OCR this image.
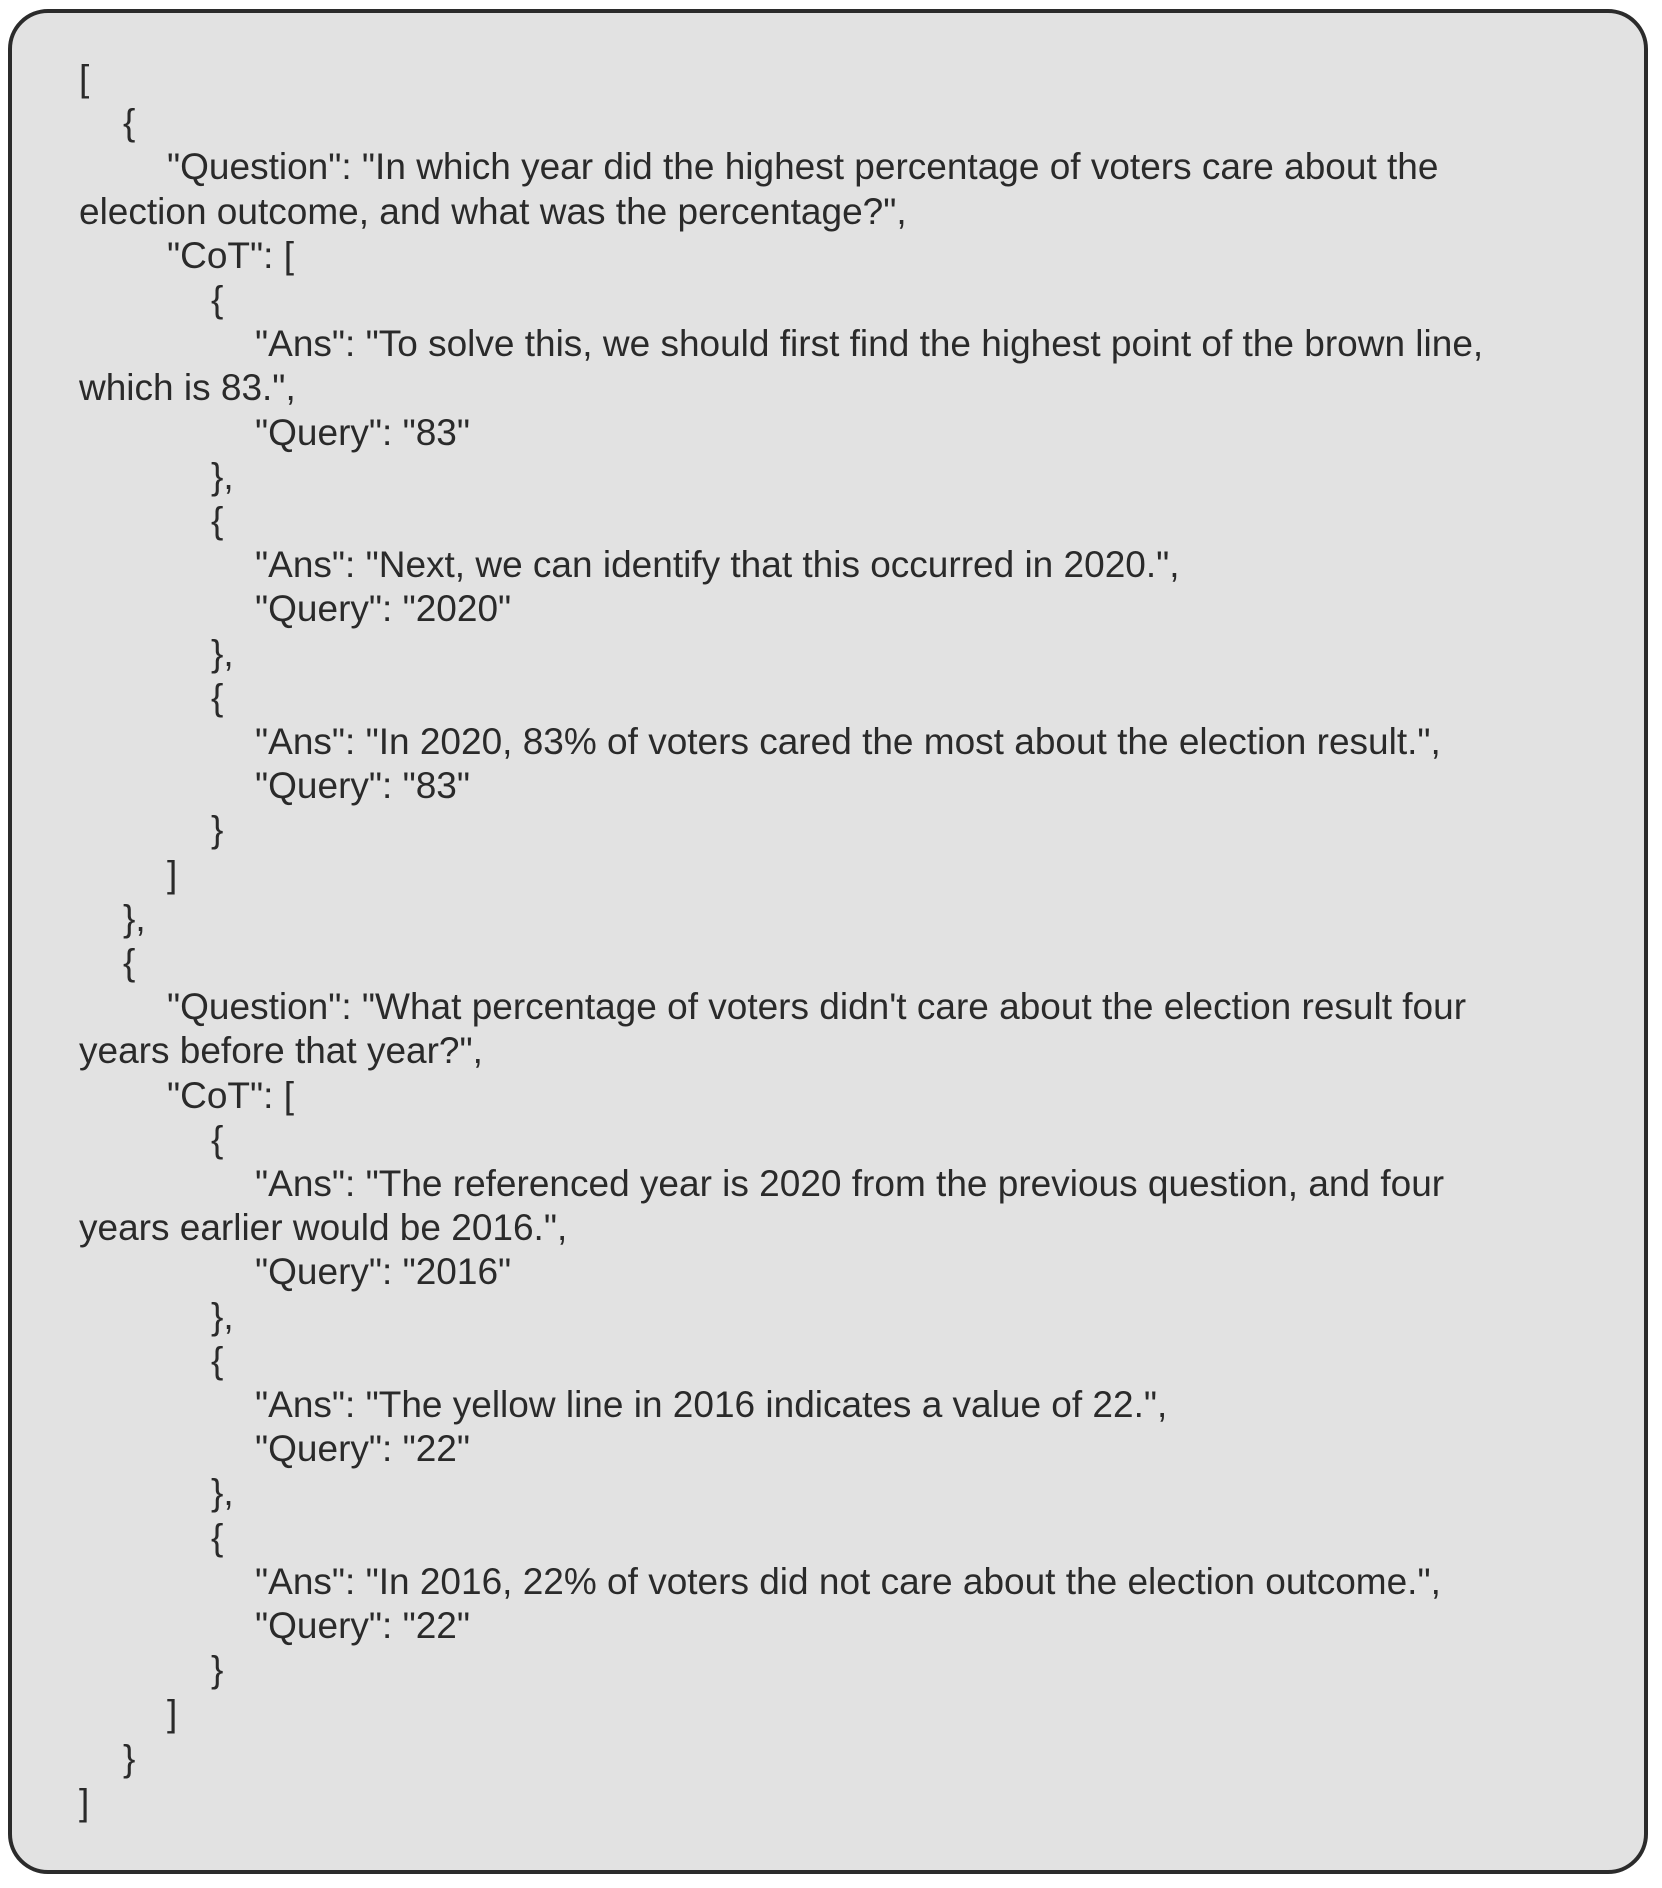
[
{
"Question": "In which year did the highest percentage of voters care about the
election outcome, and what was the percentage?",
"CoT": [
{
"Ans": "To solve this, we should first find the highest point of the brown line,
which is 83.",
"Query": "83"
},
{
"Ans": "Next, we can identify that this occurred in 2020.",
"Query": "2020"
},
{
"Ans": "In 2020, 83% of voters cared the most about the election result.",
"Query": "83"
}
]
},
{
"Question": "What percentage of voters didn't care about the election result four
years before that year?",
"CoT": [
{
"Ans": "The referenced year is 2020 from the previous question, and four
years earlier would be 2016.",
"Query": "2016"
},
{
"Ans": "The yellow line in 2016 indicates a value of 22.",
"Query": "22"
},
{
"Ans": "In 2016, 22% of voters did not care about the election outcome.",
"Query": "22"
}
]
}
]
